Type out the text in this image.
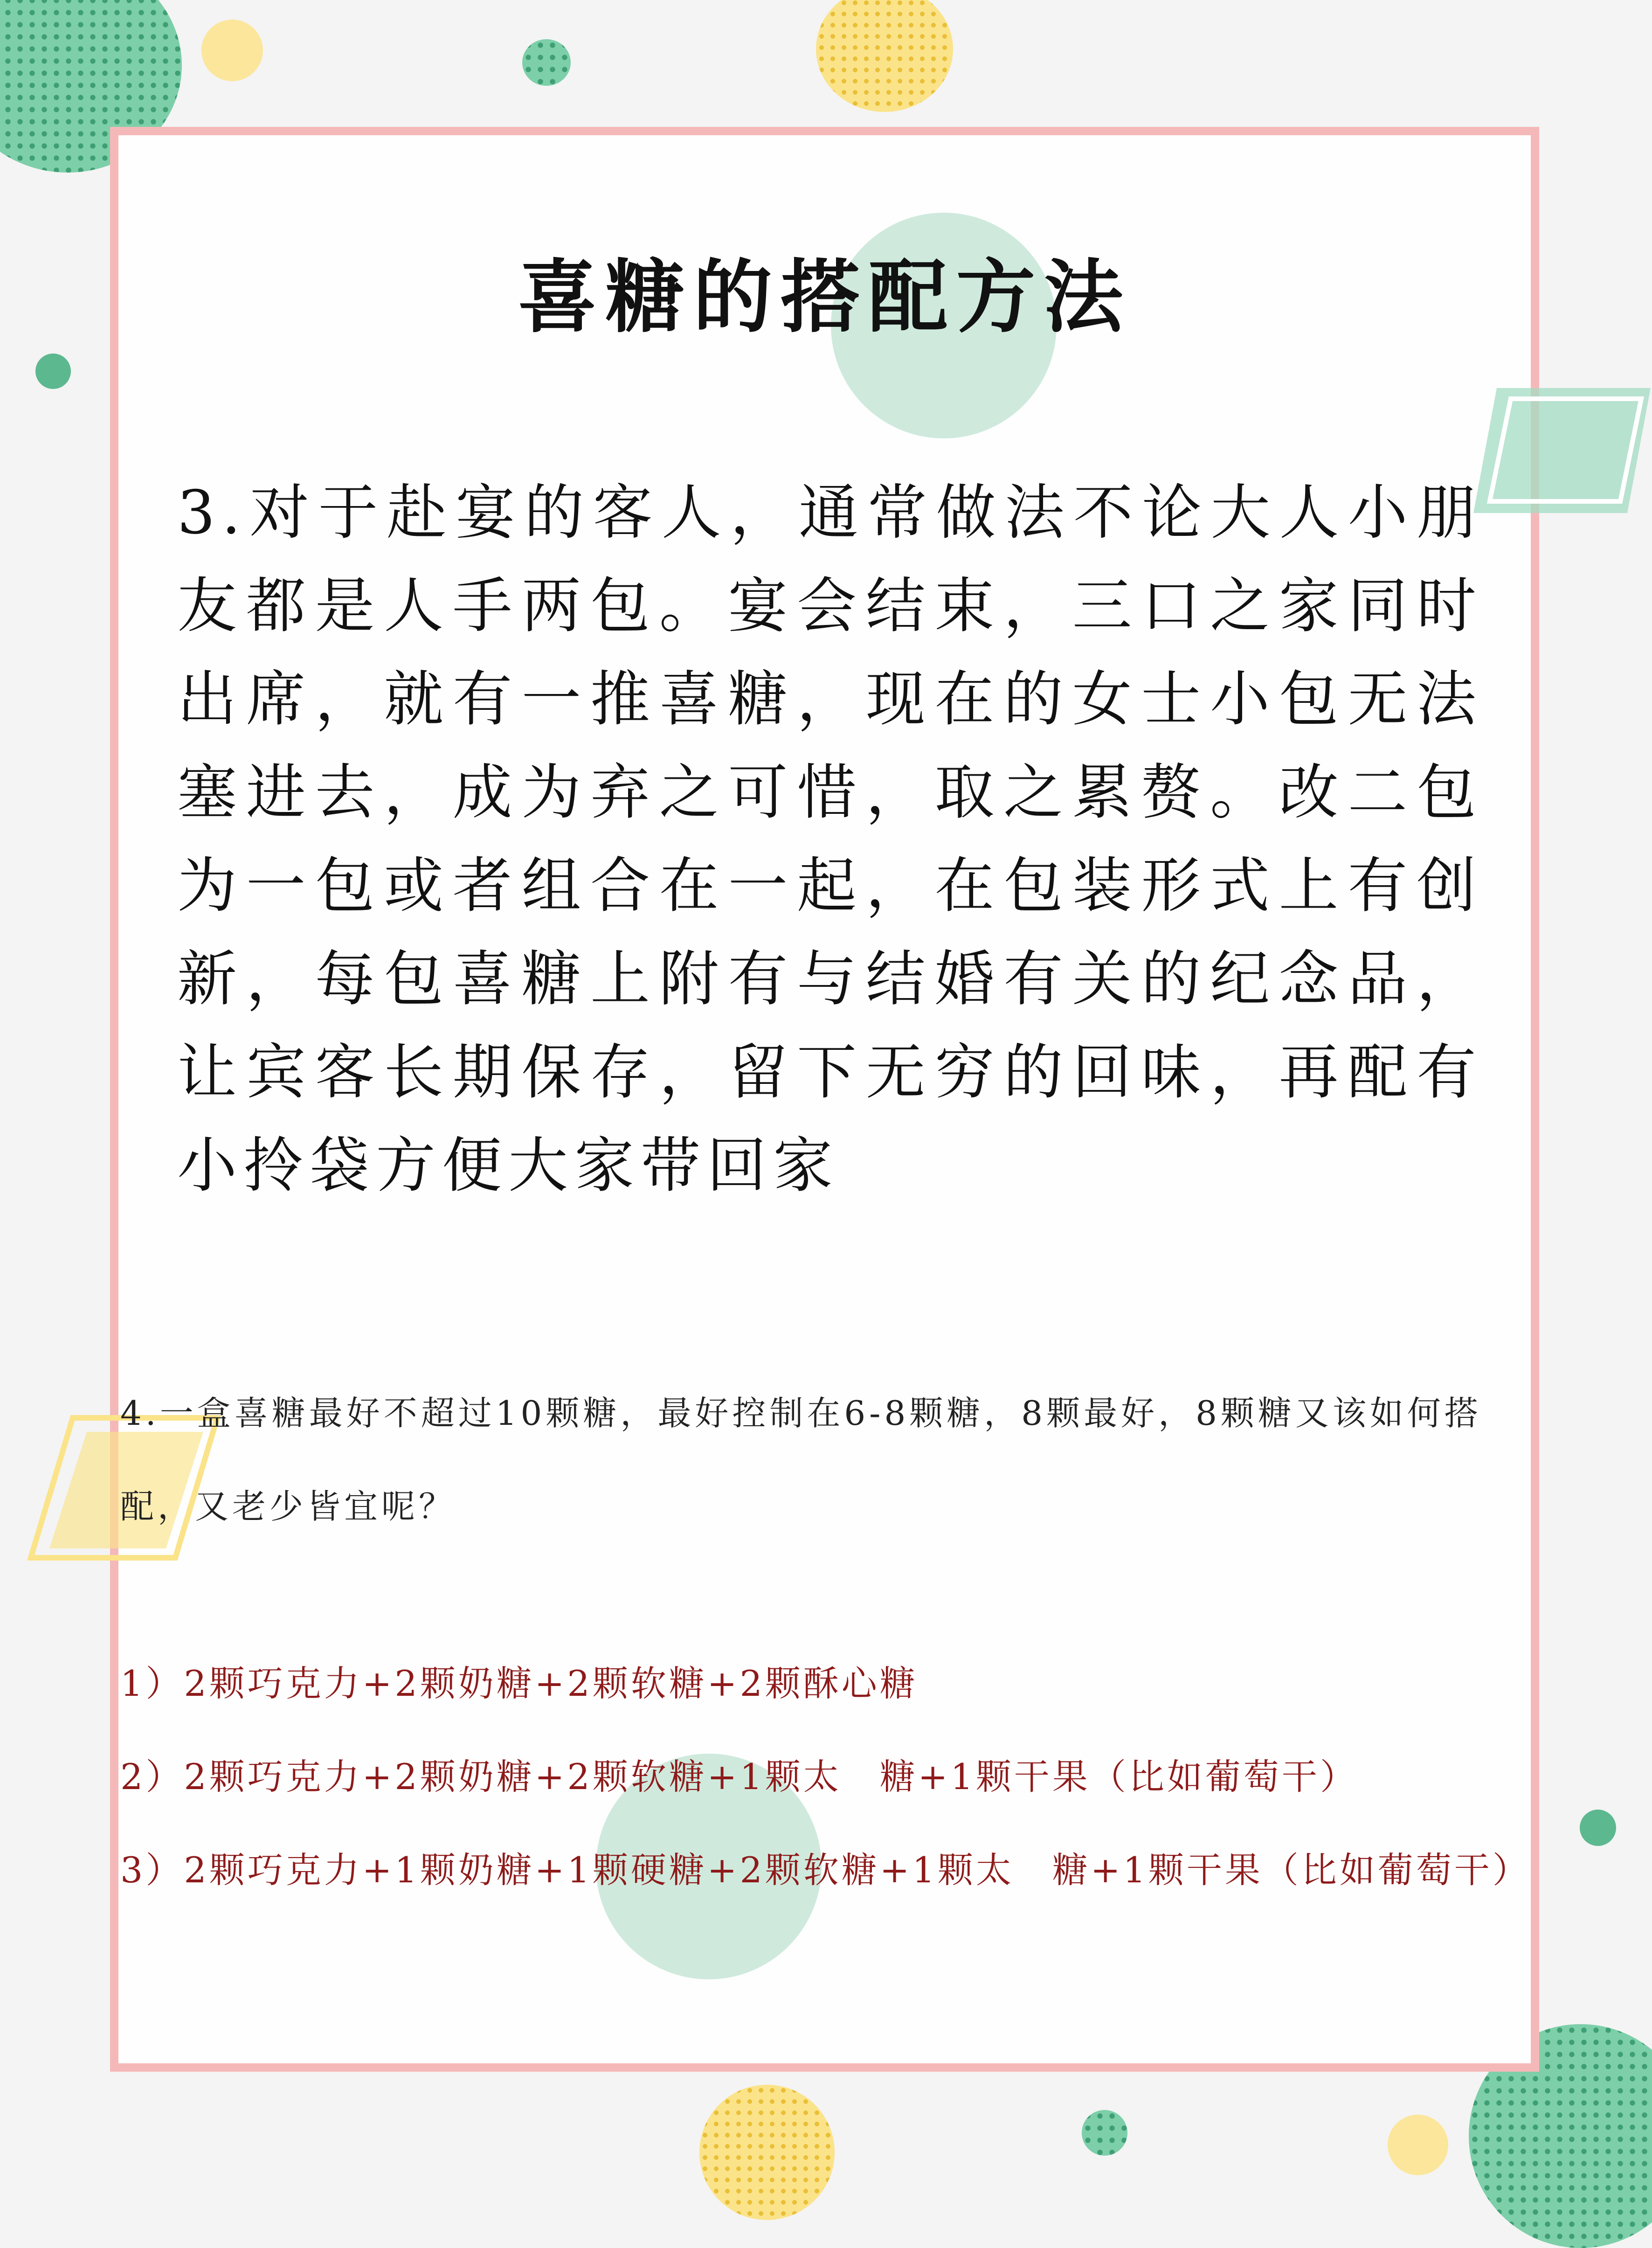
喜糖的搭配方法
3.对于赴宴的客人，通常做法不论大人小朋友都是人手两包。宴会结束，三口之家同时出席，就有一推喜糖，现在的女士小包无法塞进去，成为弃之可惜，取之累赘。改二包为一包或者组合在一起，在包装形式上有创新，每包喜糖上附有与结婚有关的纪念品，让宾客长期保存，留下无穷的回味，再配有小拎袋方便大家带回家
4.一盒喜糖最好不超过10颗糖，最好控制在6-8颗糖，8颗最好，8颗糖又该如何搭配，又老少皆宜呢？
1）2颗巧克力+2颗奶糖+2颗软糖+2颗酥心糖
2）2颗巧克力+2颗奶糖+2颗软糖+1颗太　糖+1颗干果（比如葡萄干）
3）2颗巧克力+1颗奶糖+1颗硬糖+2颗软糖+1颗太　糖+1颗干果（比如葡萄干）
